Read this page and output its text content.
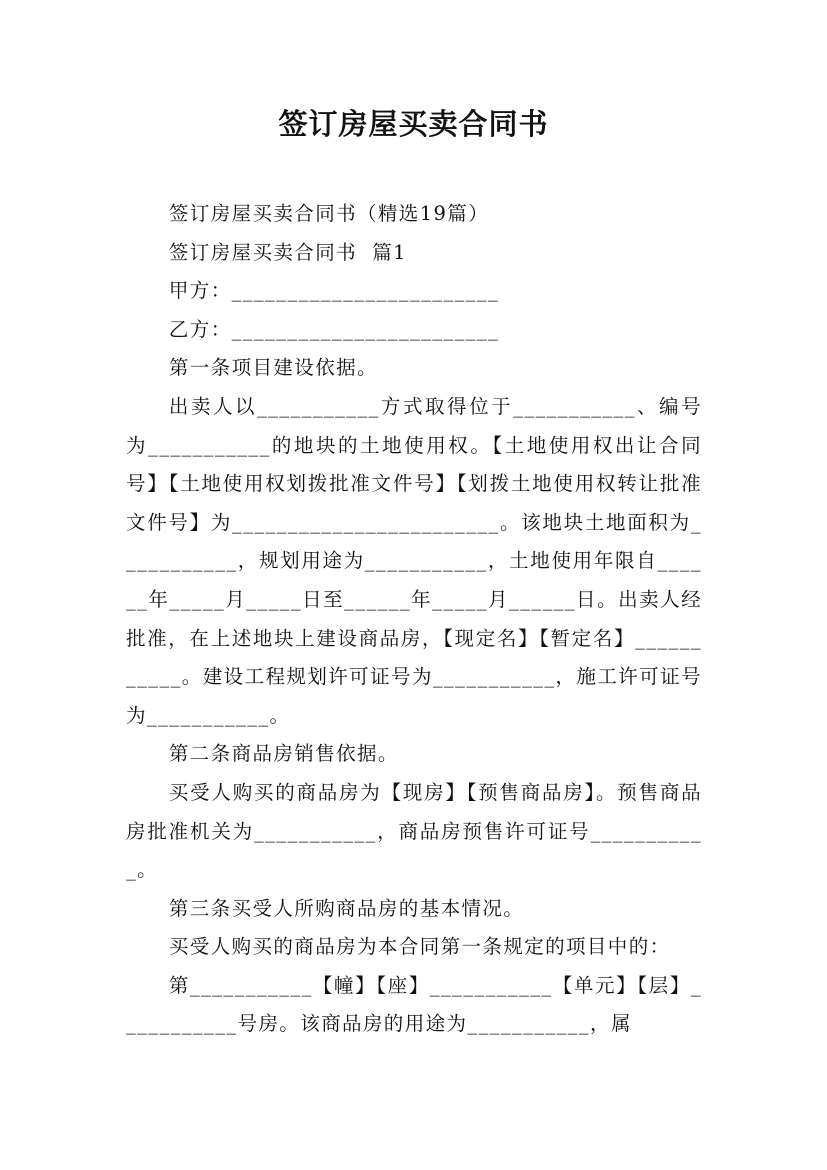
签订房屋买卖合同书

签订房屋买卖合同书（精选19篇）

签订房屋买卖合同书  篇1

甲方：________________________

乙方：________________________

第一条项目建设依据。

出卖人以___________方式取得位于___________、编号为___________的地块的土地使用权。【土地使用权出让合同号】【土地使用权划拨批准文件号】【划拨土地使用权转让批准文件号】为________________________。该地块土地面积为___________，规划用途为___________，土地使用年限自______年_____月_____日至______年_____月______日。出卖人经批准，在上述地块上建设商品房，【现定名】【暂定名】___________。建设工程规划许可证号为___________，施工许可证号为___________。

第二条商品房销售依据。

买受人购买的商品房为【现房】【预售商品房】。预售商品房批准机关为___________，商品房预售许可证号___________。

第三条买受人所购商品房的基本情况。

买受人购买的商品房为本合同第一条规定的项目中的：

第___________【幢】【座】___________【单元】【层】___________号房。该商品房的用途为___________，属
